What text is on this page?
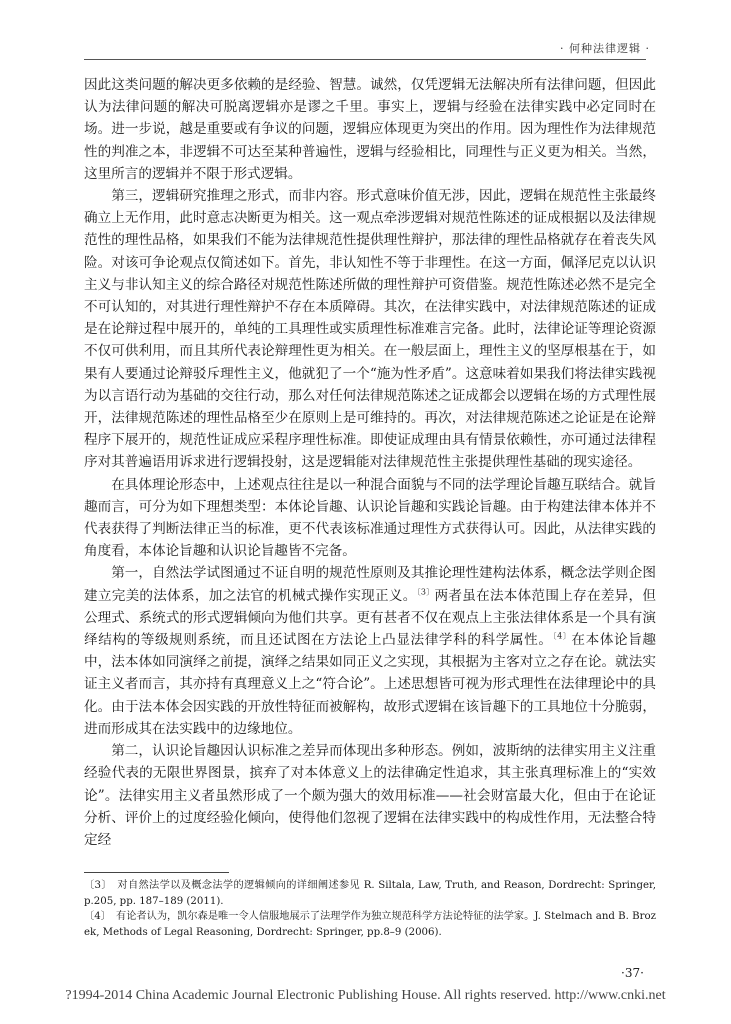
· 何种法律逻辑 ·

因此这类问题的解决更多依赖的是经验、智慧。诚然，仅凭逻辑无法解决所有法律问题，但因此认为法律问题的解决可脱离逻辑亦是谬之千里。事实上，逻辑与经验在法律实践中必定同时在场。进一步说，越是重要或有争议的问题，逻辑应体现更为突出的作用。因为理性作为法律规范性的判准之本，非逻辑不可达至某种普遍性，逻辑与经验相比，同理性与正义更为相关。当然，这里所言的逻辑并不限于形式逻辑。

第三，逻辑研究推理之形式，而非内容。形式意味价值无涉，因此，逻辑在规范性主张最终确立上无作用，此时意志决断更为相关。这一观点牵涉逻辑对规范性陈述的证成根据以及法律规范性的理性品格，如果我们不能为法律规范性提供理性辩护，那法律的理性品格就存在着丧失风险。对该可争论观点仅简述如下。首先，非认知性不等于非理性。在这一方面，佩泽尼克以认识主义与非认知主义的综合路径对规范性陈述所做的理性辩护可资借鉴。规范性陈述必然不是完全不可认知的，对其进行理性辩护不存在本质障碍。其次，在法律实践中，对法律规范陈述的证成是在论辩过程中展开的，单纯的工具理性或实质理性标准难言完备。此时，法律论证等理论资源不仅可供利用，而且其所代表论辩理性更为相关。在一般层面上，理性主义的坚厚根基在于，如果有人要通过论辩驳斥理性主义，他就犯了一个“施为性矛盾”。这意味着如果我们将法律实践视为以言语行动为基础的交往行动，那么对任何法律规范陈述之证成都会以逻辑在场的方式理性展开，法律规范陈述的理性品格至少在原则上是可维持的。再次，对法律规范陈述之论证是在论辩程序下展开的，规范性证成应采程序理性标准。即使证成理由具有情景依赖性，亦可通过法律程序对其普遍语用诉求进行逻辑投射，这是逻辑能对法律规范性主张提供理性基础的现实途径。

在具体理论形态中，上述观点往往是以一种混合面貌与不同的法学理论旨趣互联结合。就旨趣而言，可分为如下理想类型：本体论旨趣、认识论旨趣和实践论旨趣。由于构建法律本体并不代表获得了判断法律正当的标准，更不代表该标准通过理性方式获得认可。因此，从法律实践的角度看，本体论旨趣和认识论旨趣皆不完备。

第一，自然法学试图通过不证自明的规范性原则及其推论理性建构法体系，概念法学则企图建立完美的法体系，加之法官的机械式操作实现正义。$^{〔3〕}$两者虽在法本体范围上存在差异，但公理式、系统式的形式逻辑倾向为他们共享。更有甚者不仅在观点上主张法律体系是一个具有演绎结构的等级规则系统，而且还试图在方法论上凸显法律学科的科学属性。$^{〔4〕}$在本体论旨趣中，法本体如同演绎之前提，演绎之结果如同正义之实现，其根据为主客对立之存在论。就法实证主义者而言，其亦持有真理意义上之“符合论”。上述思想皆可视为形式理性在法律理论中的具化。由于法本体会因实践的开放性特征而被解构，故形式逻辑在该旨趣下的工具地位十分脆弱，进而形成其在法实践中的边缘地位。

第二，认识论旨趣因认识标准之差异而体现出多种形态。例如，波斯纳的法律实用主义注重经验代表的无限世界图景，摈弃了对本体意义上的法律确定性追求，其主张真理标准上的“实效论”。法律实用主义者虽然形成了一个颇为强大的效用标准——社会财富最大化，但由于在论证分析、评价上的过度经验化倾向，使得他们忽视了逻辑在法律实践中的构成性作用，无法整合特定经

〔3〕　对自然法学以及概念法学的逻辑倾向的详细阐述参见 R. Siltala, Law, Truth, and Reason, Dordrecht: Springer, p.205, pp. 187–189 (2011).

〔4〕　有论者认为，凯尔森是唯一令人信服地展示了法理学作为独立规范科学方法论特征的法学家。J. Stelmach and B. Brozek, Methods of Legal Reasoning, Dordrecht: Springer, pp.8–9 (2006).

·37·
?1994-2014 China Academic Journal Electronic Publishing House. All rights reserved. http://www.cnki.net
